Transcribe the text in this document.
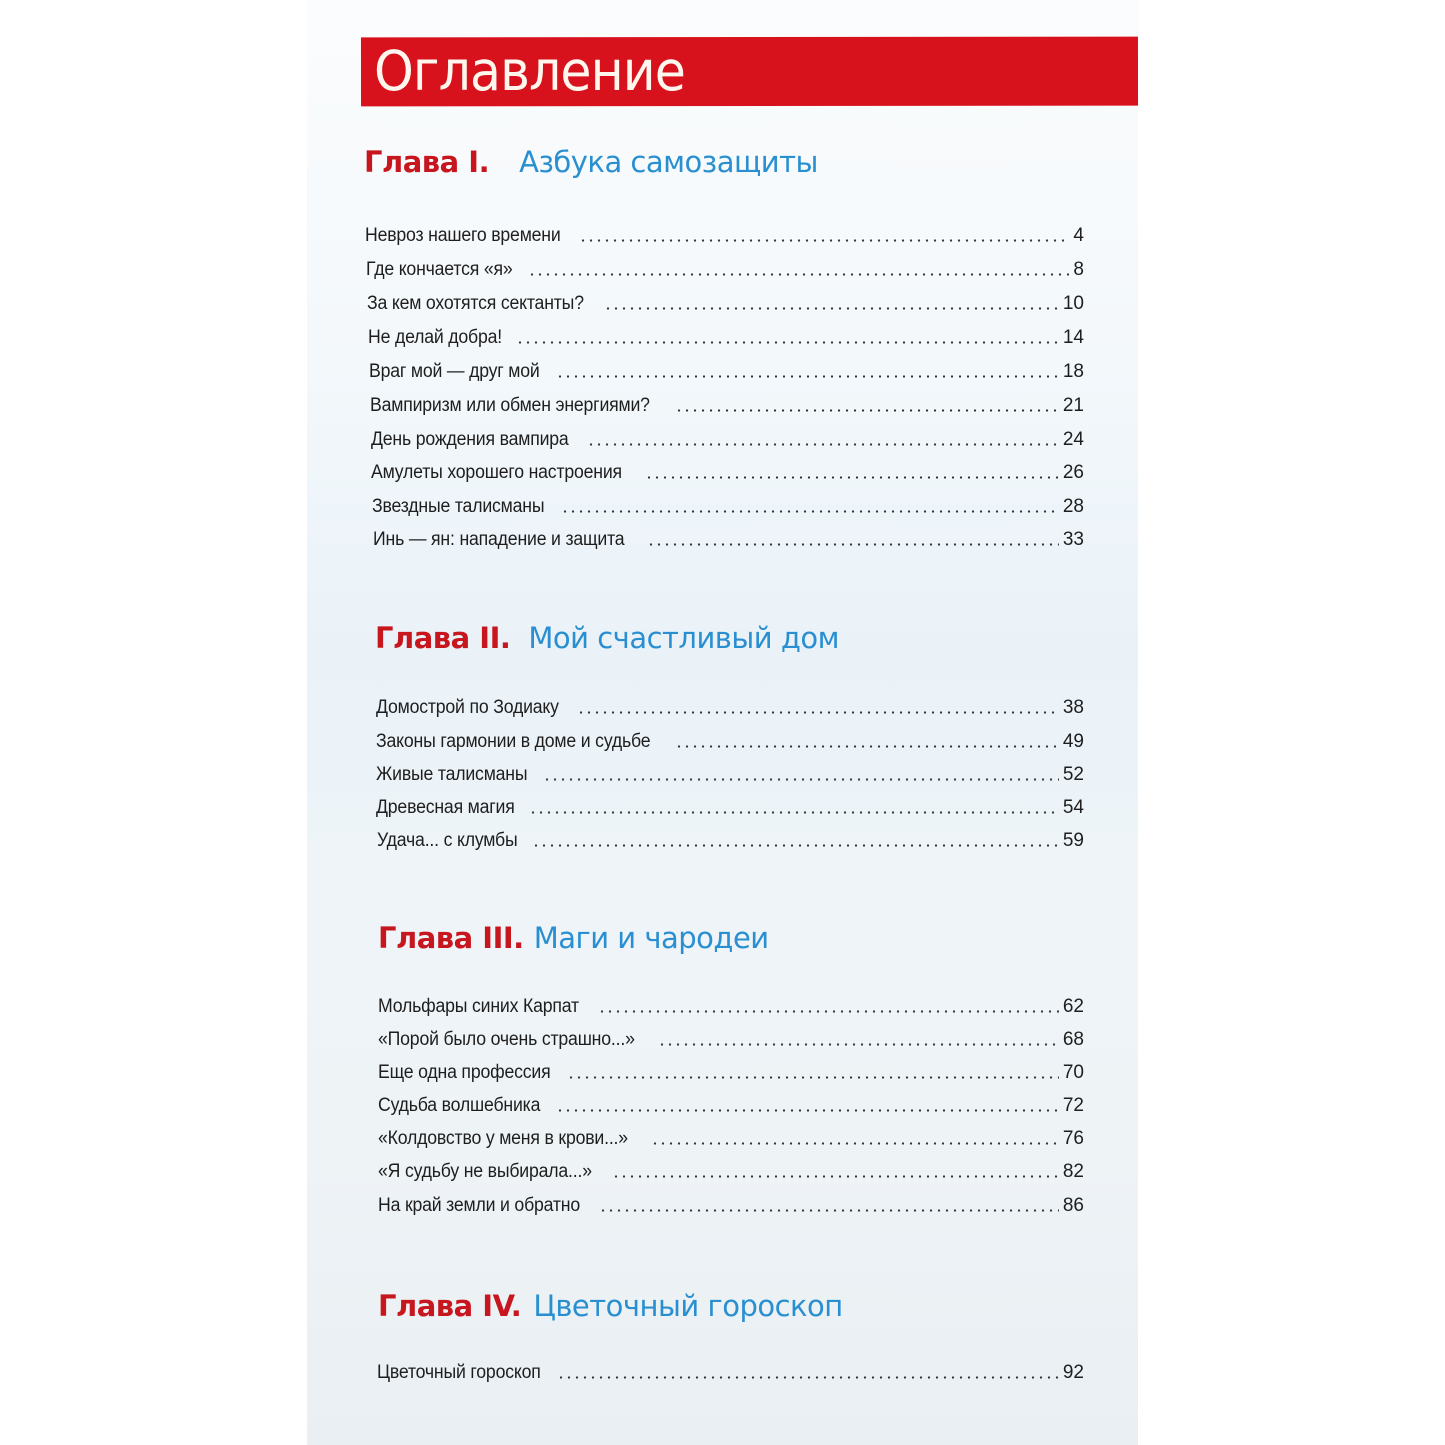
Оглавление
Глава I. Азбука самозащиты
Невроз нашего времени	4
Где кончается «я»	8
За кем охотятся сектанты?	10
Не делай добра!	14
Враг мой — друг мой	18
Вампиризм или обмен энергиями?	21
День рождения вампира	24
Амулеты хорошего настроения	26
Звездные талисманы	28
Инь — ян: нападение и защита	33
Глава II. Мой счастливый дом
Домострой по Зодиаку	38
Законы гармонии в доме и судьбе	49
Живые талисманы	52
Древесная магия	54
Удача... с клумбы	59
Глава III. Маги и чародеи
Мольфары синих Карпат	62
«Порой было очень страшно...»	68
Еще одна профессия	70
Судьба волшебника	72
«Колдовство у меня в крови...»	76
«Я судьбу не выбирала...»	82
На край земли и обратно	86
Глава IV. Цветочный гороскоп
Цветочный гороскоп	92
